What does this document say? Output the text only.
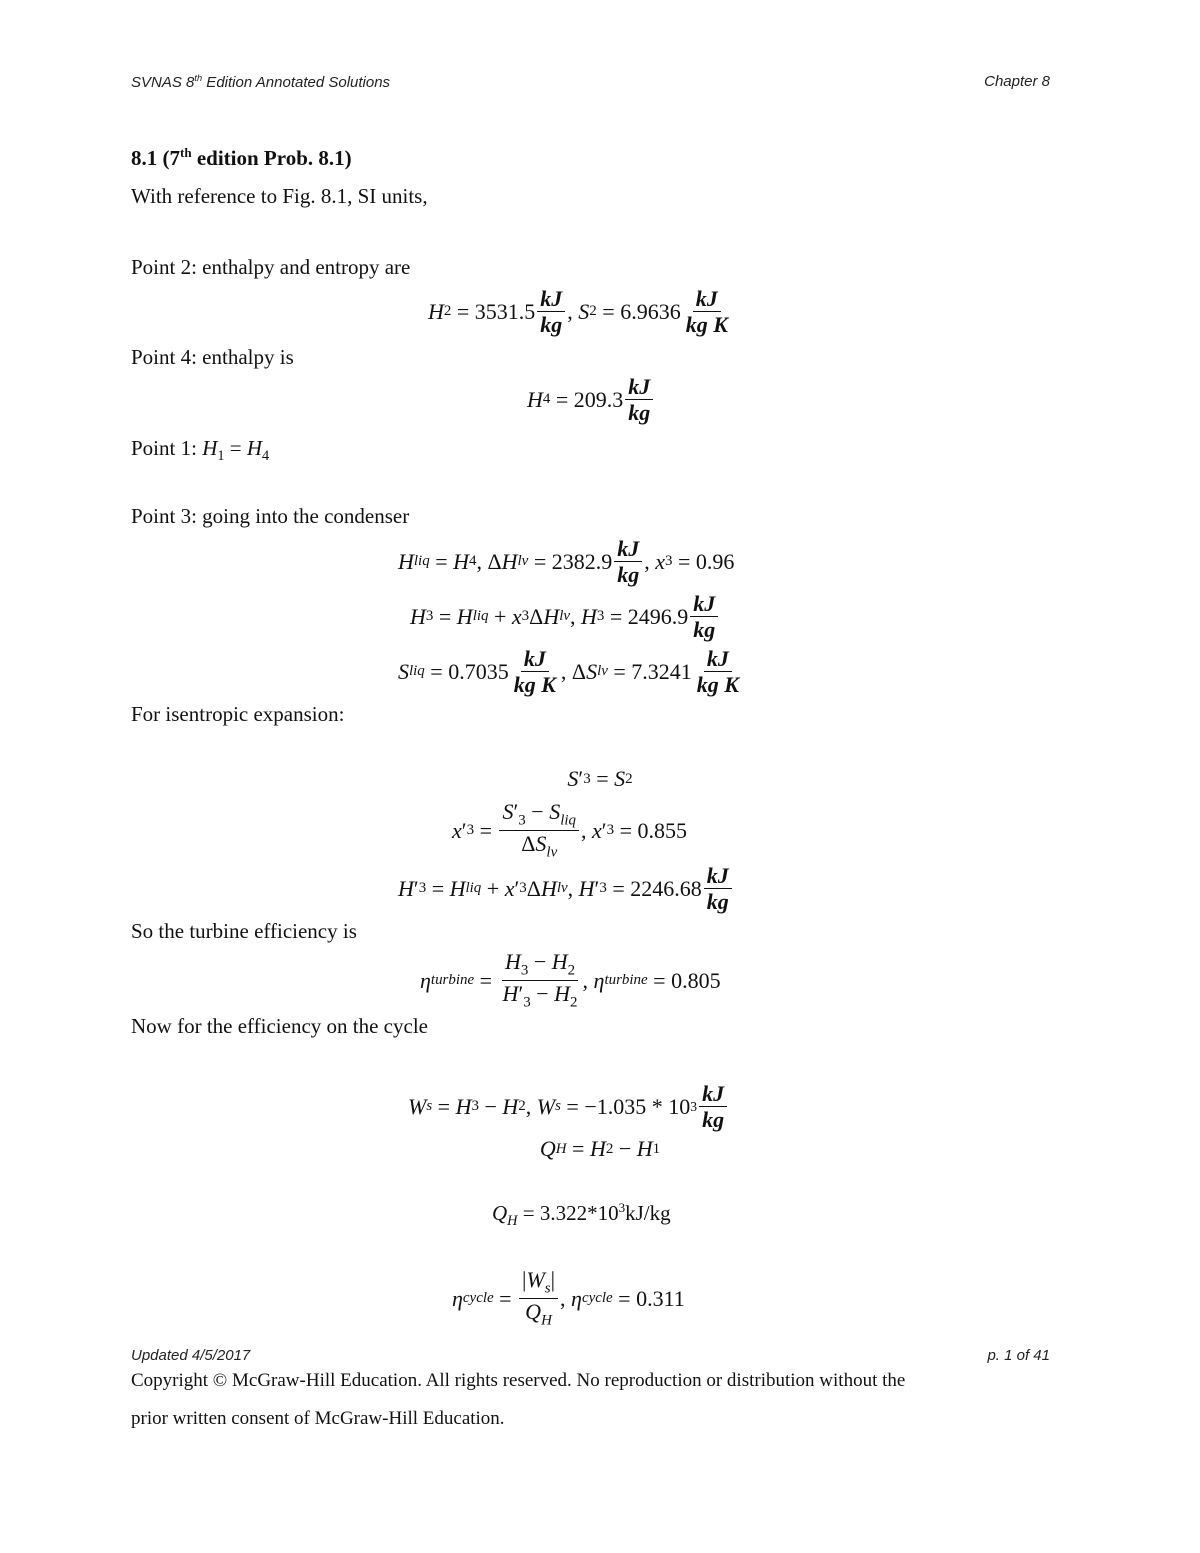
SVNAS 8th Edition Annotated Solutions	Chapter 8
8.1 (7th edition Prob. 8.1)
With reference to Fig. 8.1, SI units,
Point 2: enthalpy and entropy are
H $2 = 3531.5 \frac{kJ}{kg}$ , S $2 = 6.9636 \frac{kJ}{\text{kg K}}$
Point 4: enthalpy is
H $4 = 209.3 \frac{kJ}{kg}$
Point 1: $H_1 = H_4$
Point 3: going into the condenser
H liq = H 4 , Δ H lv = $2382.9 \frac{kJ}{kg}$ , x 3 = 0.96
H 3 = H liq + x 3 Δ H lv , H $3 = 2496.9 \frac{kJ}{kg}$
S liq = $0.7035 \frac{kJ}{\text{kg K}}$ , Δ S lv = $7.3241 \frac{kJ}{\text{kg K}}$
For isentropic expansion:
S ′ 3 = S 2
x ′ $3 = \frac{S'_3 - S_{liq}}{\Delta S_{lv}}$ , x ′ 3 = 0.855
H ′ 3 = H liq + x ′ 3 Δ H lv , H ′ $3 = 2246.68 \frac{kJ}{kg}$
So the turbine efficiency is
η turbine = $\frac{H_3 - H_2}{H'_3 - H_2}$ , η turbine = 0.805
Now for the efficiency on the cycle
W s = H 3 − H 2 , W s = −1.035 * 10 $3 \frac{kJ}{kg}$
Q H = H 2 − H 1
$Q_H = 3.322*10^3kJ/kg$
η cycle = $\frac{|W_s|}{Q_H}$ , η cycle = 0.311
Updated 4/5/2017	p. 1 of 41
Copyright © McGraw-Hill Education. All rights reserved. No reproduction or distribution without the
prior written consent of McGraw-Hill Education.
